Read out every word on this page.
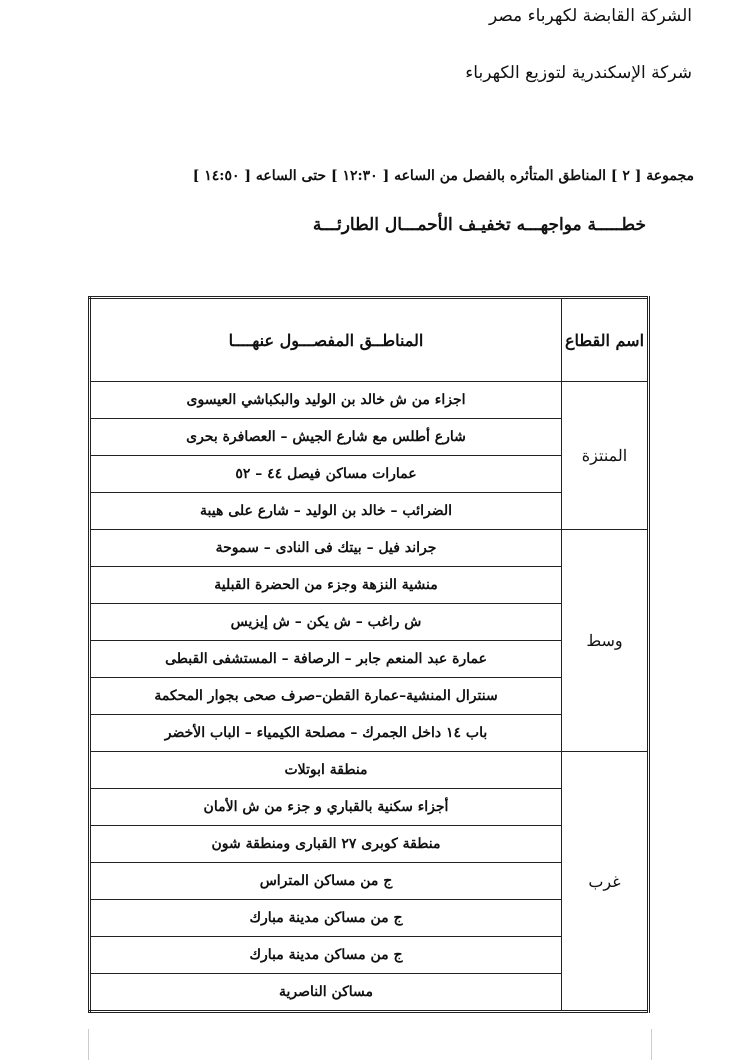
الشركة القابضة لكهرباء مصر
شركة الإسكندرية لتوزيع الكهرباء
مجموعة [ ٢ ] المناطق المتأثره بالفصل من الساعه [ ١٢:٣٠ ] حتى الساعه [ ١٤:٥٠ ]
خطـــــة مواجهـــه تخفيـف الأحمـــال الطارئـــة
اسم القطاع	المناطــق المفصـــول عنهــــا
المنتزة	اجزاء من ش خالد بن الوليد والبكباشي العيسوى
	شارع أطلس مع شارع الجيش – العصافرة بحرى
	عمارات مساكن فيصل ٤٤ – ٥٢
	الضرائب – خالد بن الوليد – شارع على هيبة
وسط	جراند فيل – بيتك فى النادى – سموحة
	منشية النزهة وجزء من الحضرة القبلية
	ش راغب – ش يكن – ش إيزيس
	عمارة عبد المنعم جابر – الرصافة – المستشفى القبطى
	سنترال المنشية–عمارة القطن–صرف صحى بجوار المحكمة
	باب ١٤ داخل الجمرك – مصلحة الكيمياء – الباب الأخضر
غرب	منطقة ابوتلات
	أجزاء سكنية بالقباري و جزء من ش الأمان
	منطقة كوبرى ٢٧ القبارى ومنطقة شون
	ج من مساكن المتراس
	ج من مساكن مدينة مبارك
	ج من مساكن مدينة مبارك
	مساكن الناصرية
